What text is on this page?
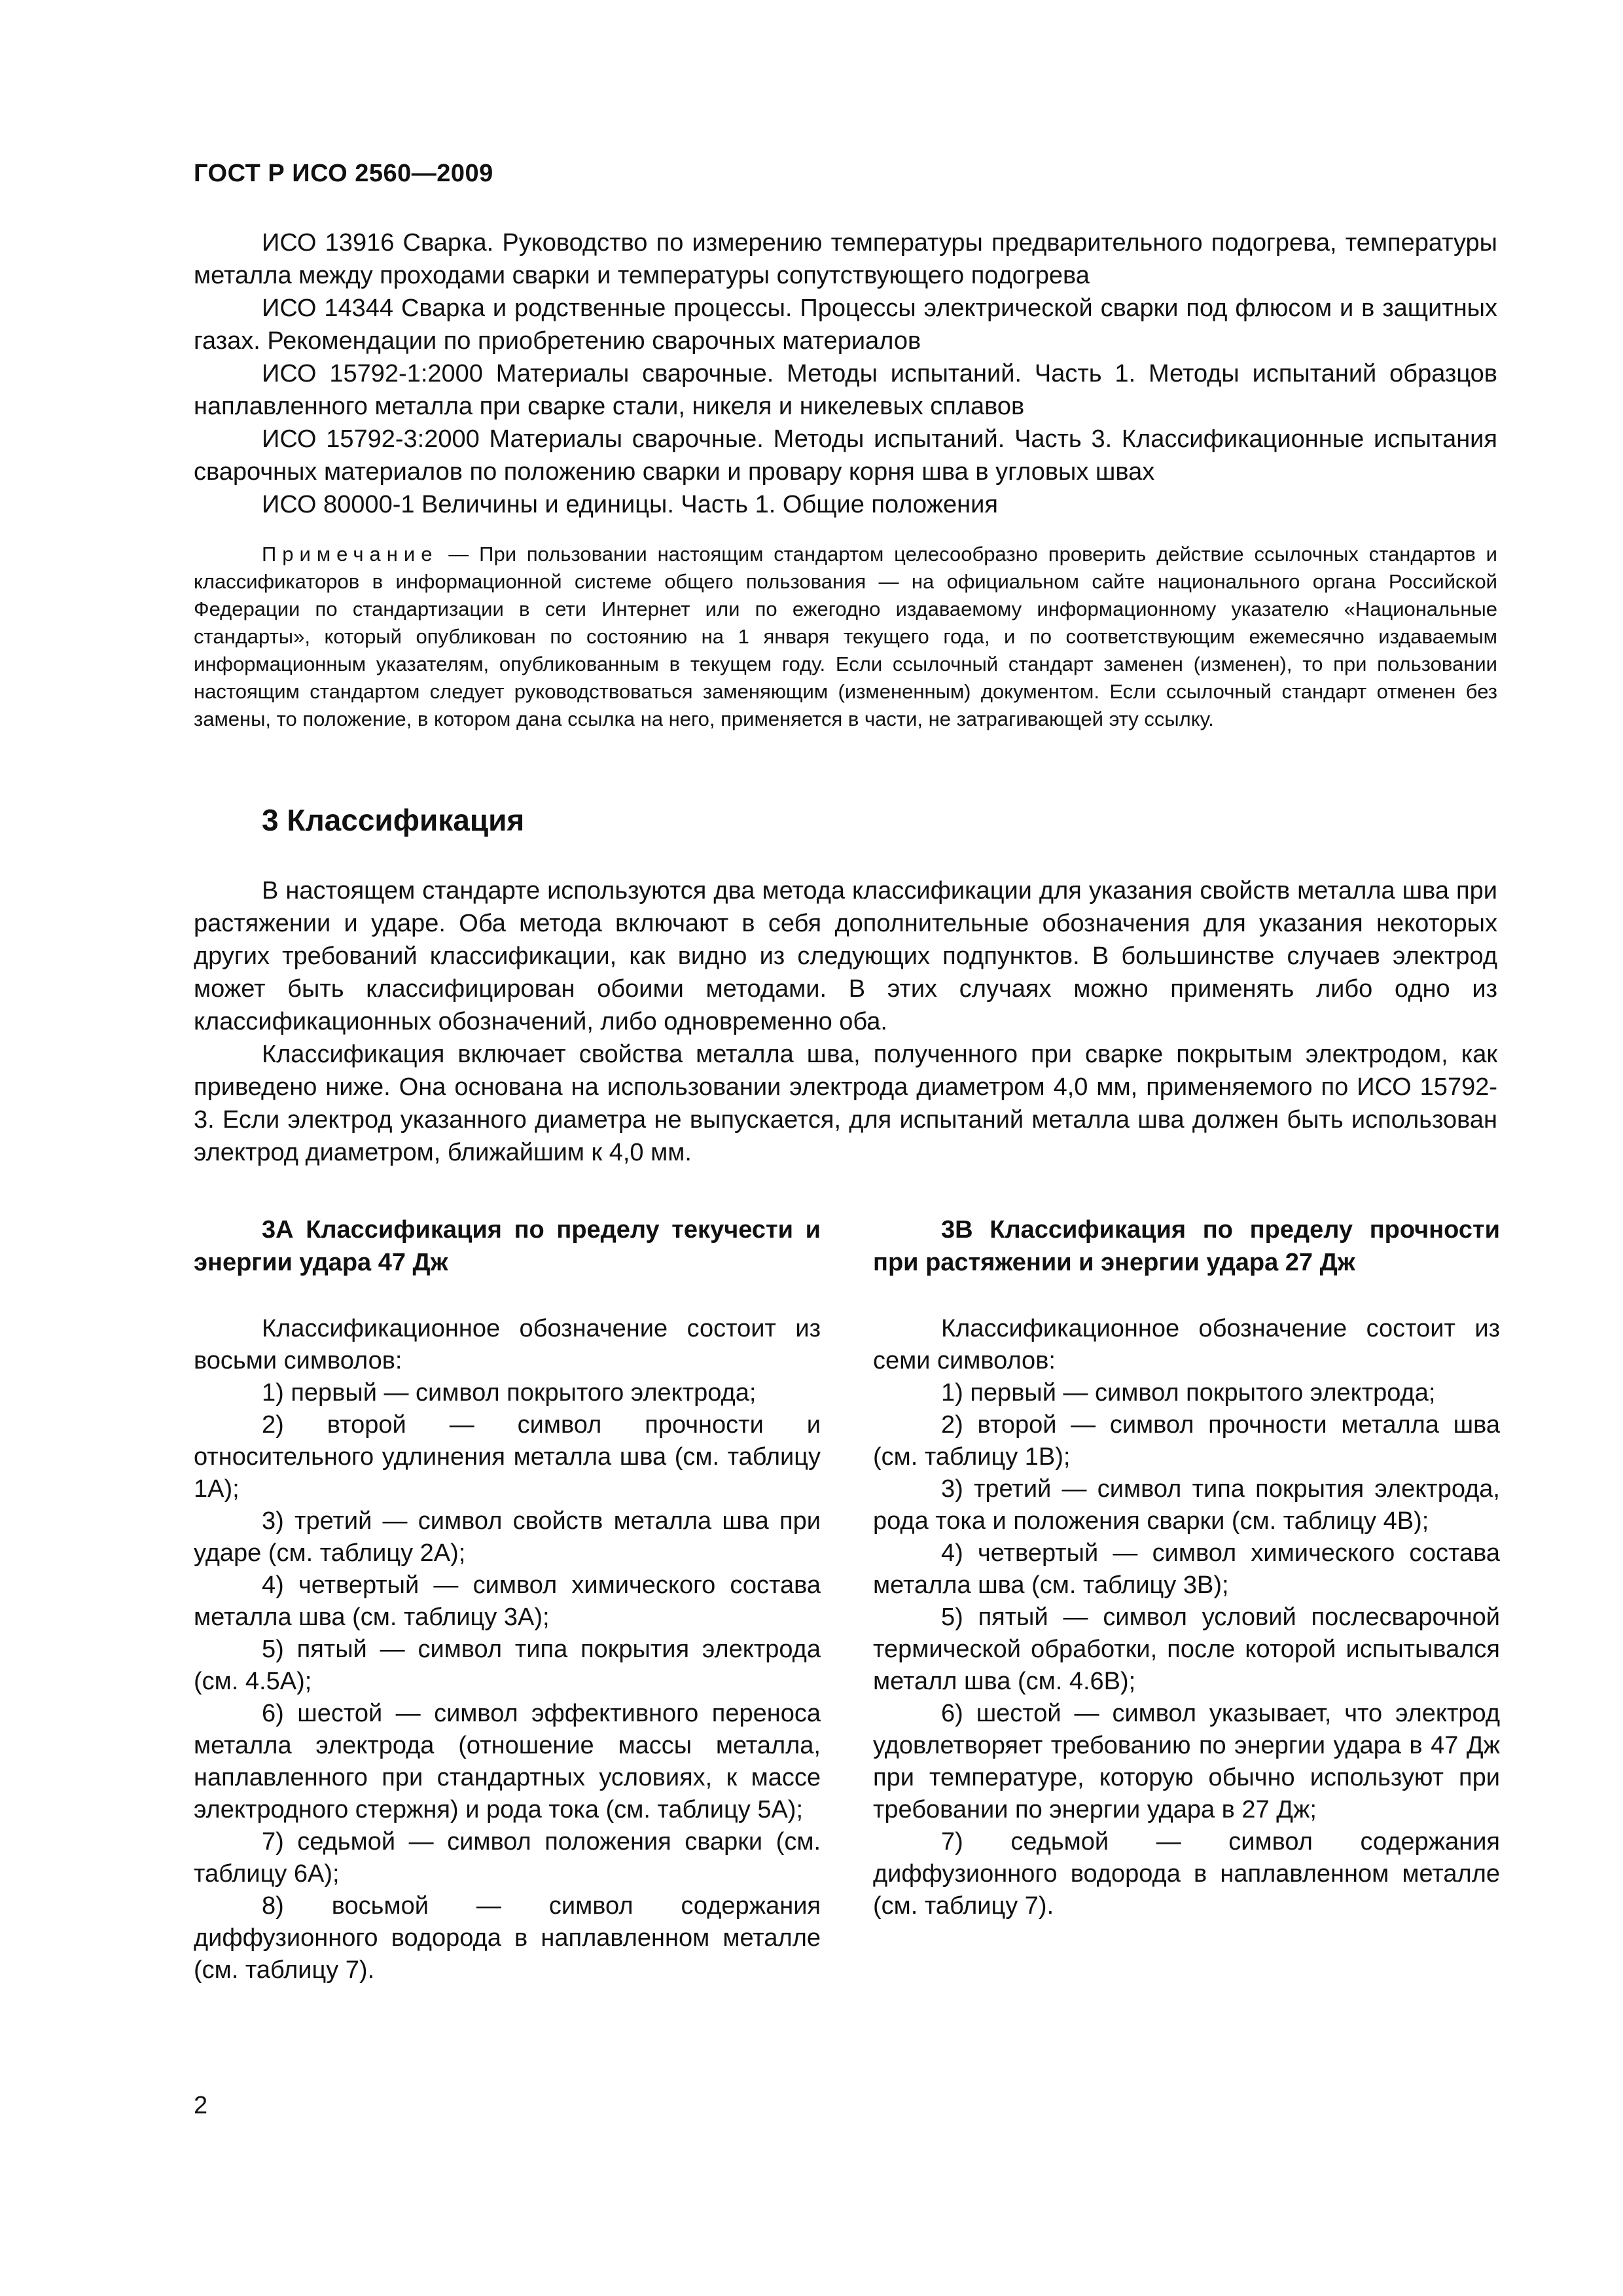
ГОСТ Р ИСО 2560—2009

ИСО 13916 Сварка. Руководство по измерению температуры предварительного подогрева, температуры металла между проходами сварки и температуры сопутствующего подогрева

ИСО 14344 Сварка и родственные процессы. Процессы электрической сварки под флюсом и в защитных газах. Рекомендации по приобретению сварочных материалов

ИСО 15792-1:2000 Материалы сварочные. Методы испытаний. Часть 1. Методы испытаний образцов наплавленного металла при сварке стали, никеля и никелевых сплавов

ИСО 15792-3:2000 Материалы сварочные. Методы испытаний. Часть 3. Классификационные испытания сварочных материалов по положению сварки и провару корня шва в угловых швах

ИСО 80000-1 Величины и единицы. Часть 1. Общие положения

Примечание — При пользовании настоящим стандартом целесообразно проверить действие ссылочных стандартов и классификаторов в информационной системе общего пользования — на официальном сайте национального органа Российской Федерации по стандартизации в сети Интернет или по ежегодно издаваемому информационному указателю «Национальные стандарты», который опубликован по состоянию на 1 января текущего года, и по соответствующим ежемесячно издаваемым информационным указателям, опубликованным в текущем году. Если ссылочный стандарт заменен (изменен), то при пользовании настоящим стандартом следует руководствоваться заменяющим (измененным) документом. Если ссылочный стандарт отменен без замены, то положение, в котором дана ссылка на него, применяется в части, не затрагивающей эту ссылку.

3 Классификация

В настоящем стандарте используются два метода классификации для указания свойств металла шва при растяжении и ударе. Оба метода включают в себя дополнительные обозначения для указания некоторых других требований классификации, как видно из следующих подпунктов. В большинстве случаев электрод может быть классифицирован обоими методами. В этих случаях можно применять либо одно из классификационных обозначений, либо одновременно оба.

Классификация включает свойства металла шва, полученного при сварке покрытым электродом, как приведено ниже. Она основана на использовании электрода диаметром 4,0 мм, применяемого по ИСО 15792-3. Если электрод указанного диаметра не выпускается, для испытаний металла шва должен быть использован электрод диаметром, ближайшим к 4,0 мм.

3А Классификация по пределу текучести и энергии удара 47 Дж

Классификационное обозначение состоит из восьми символов:

1) первый — символ покрытого электрода;

2) второй — символ прочности и относительного удлинения металла шва (см. таблицу 1А);

3) третий — символ свойств металла шва при ударе (см. таблицу 2А);

4) четвертый — символ химического состава металла шва (см. таблицу 3А);

5) пятый — символ типа покрытия электрода (см. 4.5А);

6) шестой — символ эффективного переноса металла электрода (отношение массы металла, наплавленного при стандартных условиях, к массе электродного стержня) и рода тока (см. таблицу 5А);

7) седьмой — символ положения сварки (см. таблицу 6А);

8) восьмой — символ содержания диффузионного водорода в наплавленном металле (см. таблицу 7).

3В Классификация по пределу прочности при растяжении и энергии удара 27 Дж

Классификационное обозначение состоит из семи символов:

1) первый — символ покрытого электрода;

2) второй — символ прочности металла шва (см. таблицу 1В);

3) третий — символ типа покрытия электрода, рода тока и положения сварки (см. таблицу 4В);

4) четвертый — символ химического состава металла шва (см. таблицу 3В);

5) пятый — символ условий послесварочной термической обработки, после которой испытывался металл шва (см. 4.6В);

6) шестой — символ указывает, что электрод удовлетворяет требованию по энергии удара в 47 Дж при температуре, которую обычно используют при требовании по энергии удара в 27 Дж;

7) седьмой — символ содержания диффузионного водорода в наплавленном металле (см. таблицу 7).

2
